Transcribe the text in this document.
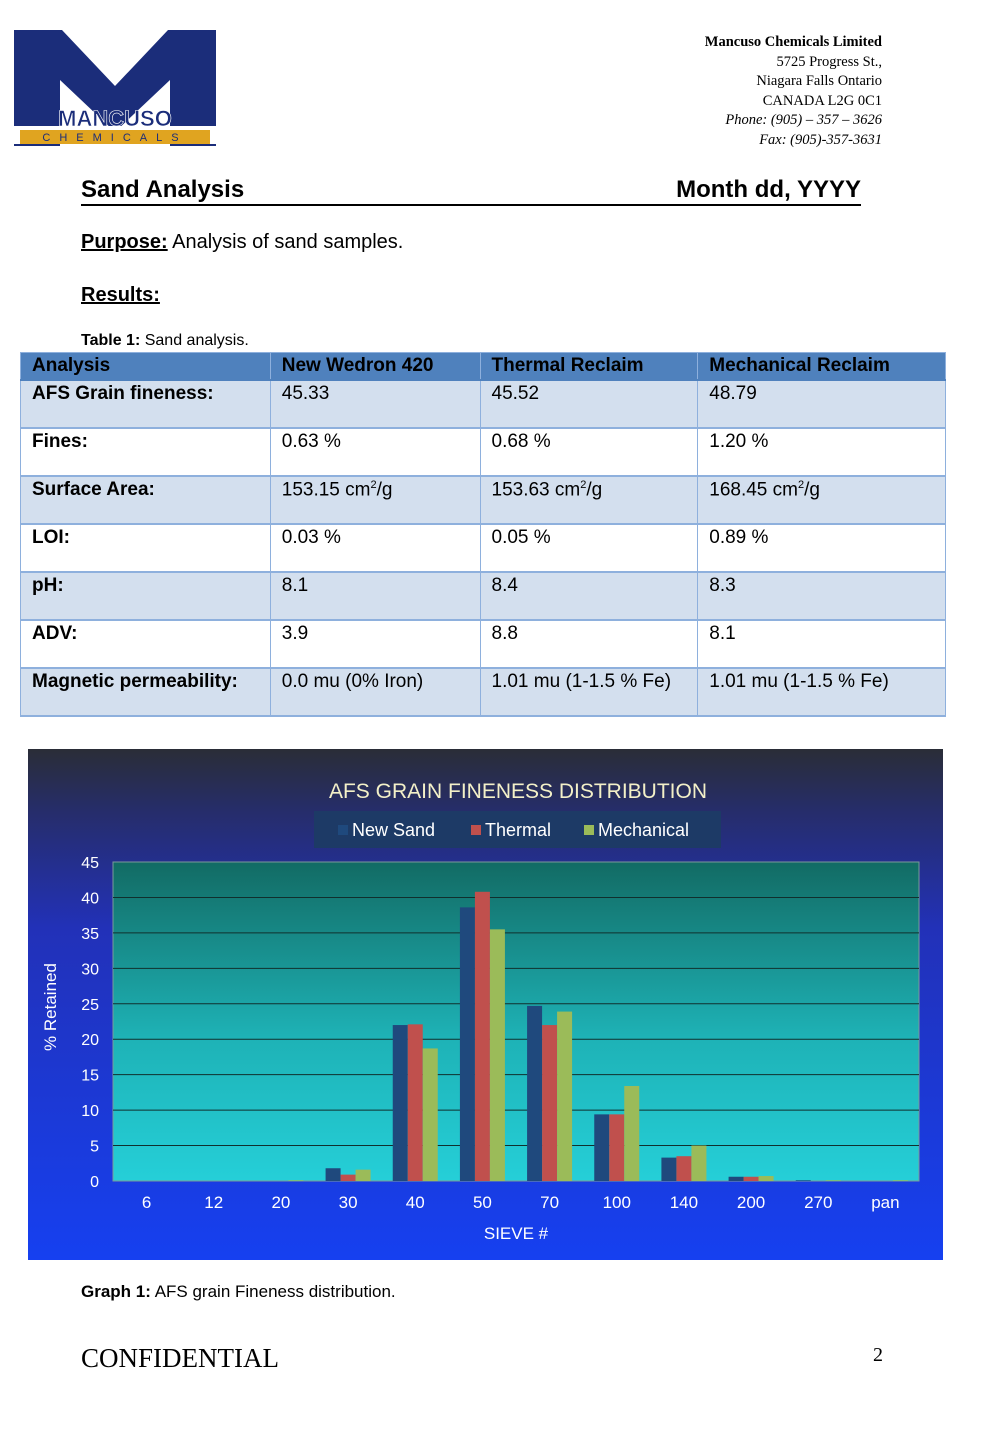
MANCUSO
CHEMICALS
Mancuso Chemicals Limited
5725 Progress St.,
Niagara Falls Ontario
CANADA L2G 0C1
Phone: (905) – 357 – 3626
Fax: (905)-357-3631
Sand Analysis	Month dd, YYYY
Purpose: Analysis of sand samples.
Results:
Table 1: Sand analysis.
Analysis	New Wedron 420	Thermal Reclaim	Mechanical Reclaim
AFS Grain fineness:	45.33	45.52	48.79
Fines:	0.63 %	0.68 %	1.20 %
Surface Area:	153.15 $cm^2/g$	153.63 $cm^2/g$	168.45 $cm^2/g$
LOI:	0.03 %	0.05 %	0.89 %
pH:	8.1	8.4	8.3
ADV:	3.9	8.8	8.1
Magnetic permeability:	0.0 mu (0% Iron)	1.01 mu (1-1.5 % Fe)	1.01 mu (1-1.5 % Fe)
AFS GRAIN FINENESS DISTRIBUTION
New Sand	Thermal	Mechanical
0
5
10
15
20
25
30
35
40
45
6	12	20	30	40	50	70	100 140 200 270 pan
SIEVE #
% Retained
Graph 1: AFS grain Fineness distribution.
CONFIDENTIAL	2
